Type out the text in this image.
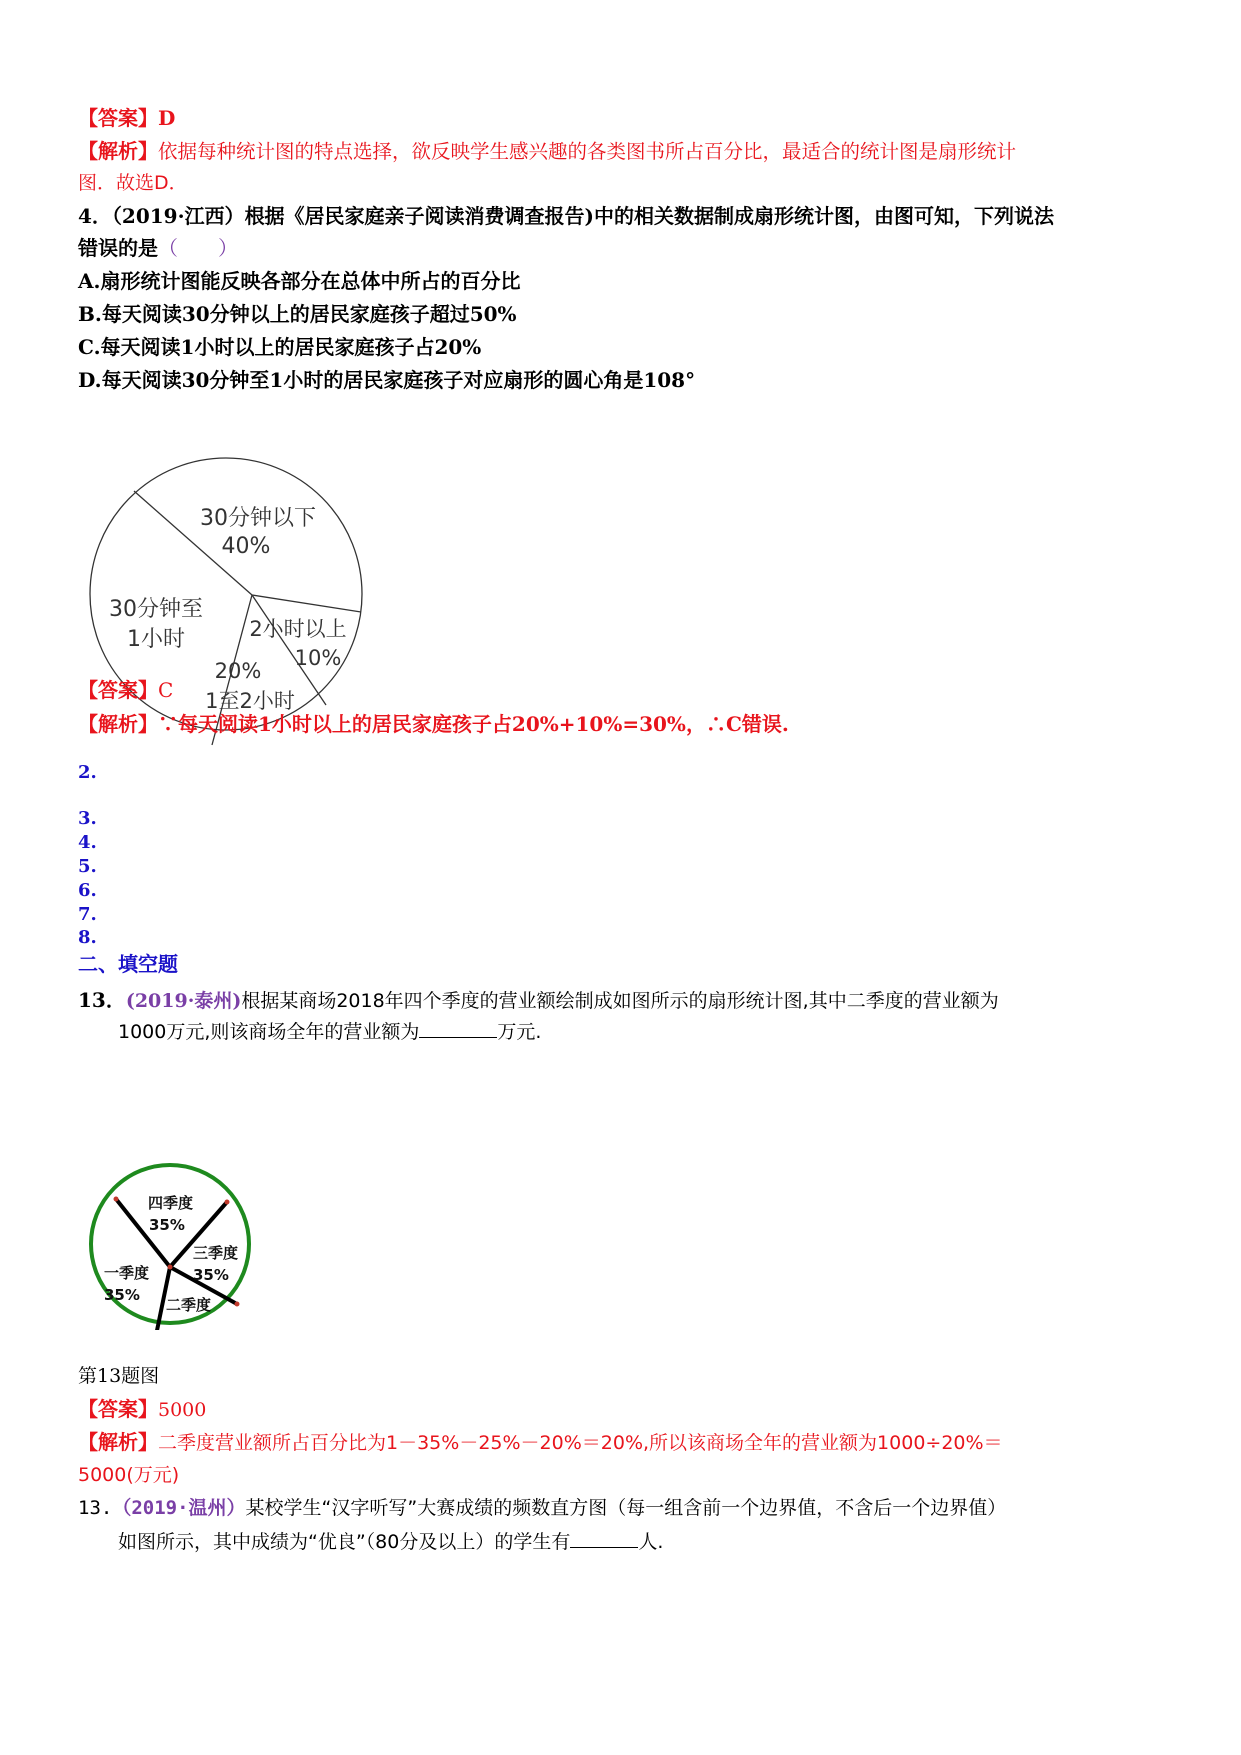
【答案】D
【解析】依据每种统计图的特点选择，欲反映学生感兴趣的各类图书所占百分比，最适合的统计图是扇形统计
图．故选D．
4．（2019·江西）根据《居民家庭亲子阅读消费调查报告)中的相关数据制成扇形统计图，由图可知，下列说法
错误的是（　　）
A.扇形统计图能反映各部分在总体中所占的百分比
B.每天阅读30分钟以上的居民家庭孩子超过50%
C.每天阅读1小时以上的居民家庭孩子占20%
D.每天阅读30分钟至1小时的居民家庭孩子对应扇形的圆心角是108°
30分钟以下
40%
2小时以上
10%
20%
1至2小时
30分钟至
1小时
【答案】C
【解析】∵每天阅读1小时以上的居民家庭孩子占20%+10%=30%，∴C错误.
2.
3.
4.
5.
6.
7.
8.
二、填空题
13．(2019·泰州)根据某商场2018年四个季度的营业额绘制成如图所示的扇形统计图,其中二季度的营业额为
1000万元,则该商场全年的营业额为	万元.
四季度
35%
三季度
35%
二季度
一季度
35%
第13题图
【答案】5000
【解析】二季度营业额所占百分比为1－35%－25%－20%＝20%,所以该商场全年的营业额为1000÷20%＝
5000(万元)
13.（2019·温州）某校学生“汉字听写”大赛成绩的频数直方图（每一组含前一个边界值，不含后一个边界值）
如图所示，其中成绩为“优良”（80分及以上）的学生有	人.
